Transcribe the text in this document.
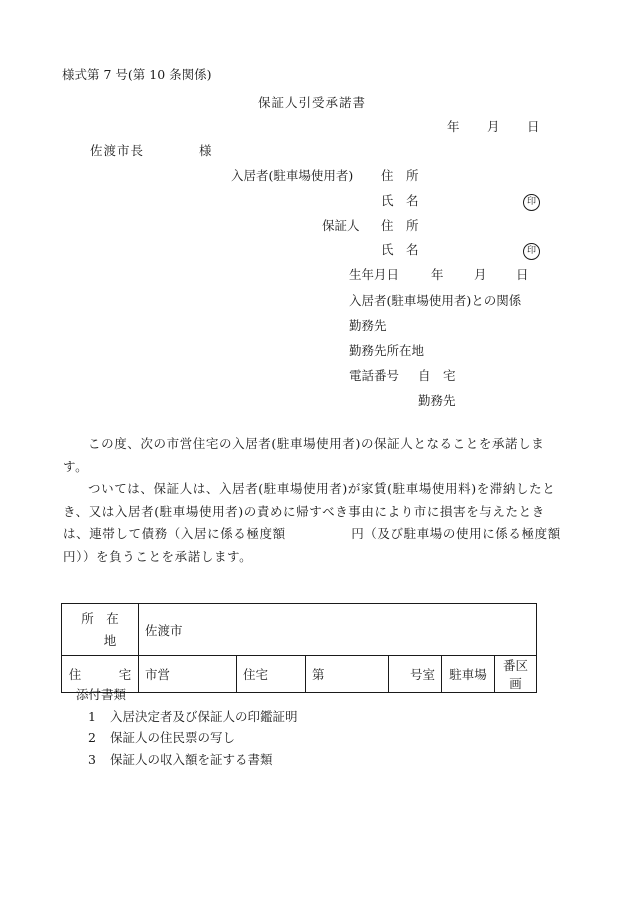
様式第 7 号(第 10 条関係)
保証人引受承諾書
年 月 日
佐渡市長	様
入居者(駐車場使用者) 住　所
氏　名	印
保証人 住　所
氏　名	印
生年月日	年 月 日
入居者(駐車場使用者)との関係
勤務先
勤務先所在地
電話番号 自　宅
勤務先

この度、次の市営住宅の入居者(駐車場使用者)の保証人となることを承諾します。

ついては、保証人は、入居者(駐車場使用者)が家賃(駐車場使用料)を滞納したとき、又は入居者(駐車場使用者)の責めに帰すべき事由により市に損害を与えたときは、連帯して債務（入居に係る極度額　　　　　円（及び駐車場の使用に係る極度額　　　　円））を負うことを承諾します。

所　在
地	佐渡市					
住　　　宅	市営	住宅	第	号室	駐車場	番区画
添付書類
1 入居決定者及び保証人の印鑑証明
2 保証人の住民票の写し
3 保証人の収入額を証する書類
